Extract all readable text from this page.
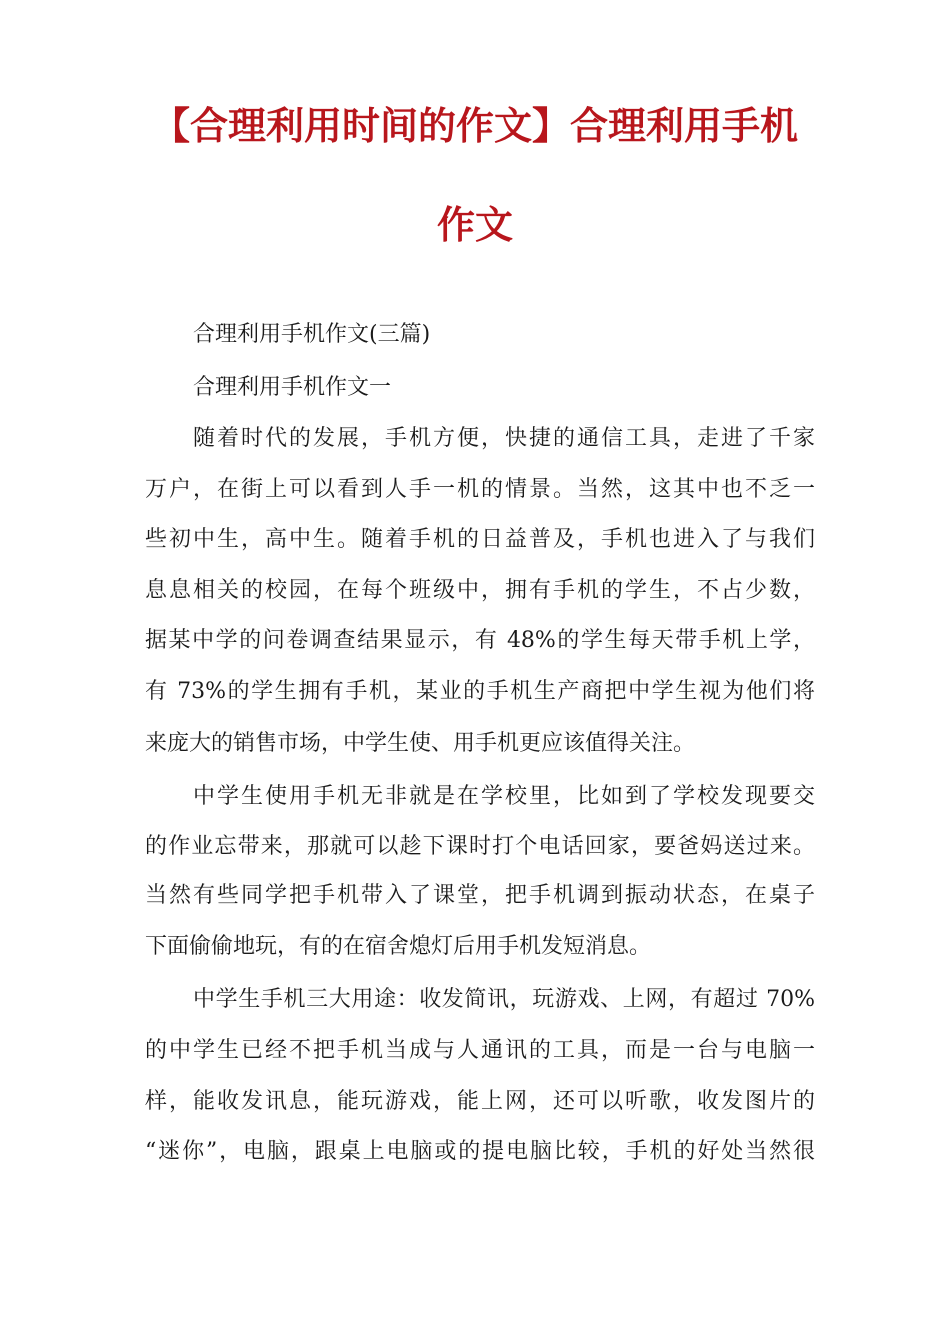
【合理利用时间的作文】合理利用手机
作文

合理利用手机作文(三篇)

合理利用手机作文一

随着时代的发展，手机方便，快捷的通信工具，走进了千家

万户，在街上可以看到人手一机的情景。当然，这其中也不乏一

些初中生，高中生。随着手机的日益普及，手机也进入了与我们

息息相关的校园，在每个班级中，拥有手机的学生，不占少数，

据某中学的问卷调查结果显示，有 48%的学生每天带手机上学，

有 73%的学生拥有手机，某业的手机生产商把中学生视为他们将

来庞大的销售市场，中学生使、用手机更应该值得关注。

中学生使用手机无非就是在学校里，比如到了学校发现要交

的作业忘带来，那就可以趁下课时打个电话回家，要爸妈送过来。

当然有些同学把手机带入了课堂，把手机调到振动状态，在桌子

下面偷偷地玩，有的在宿舍熄灯后用手机发短消息。

中学生手机三大用途：收发简讯，玩游戏、上网，有超过 70%

的中学生已经不把手机当成与人通讯的工具，而是一台与电脑一

样，能收发讯息，能玩游戏，能上网，还可以听歌，收发图片的

“迷你”，电脑，跟桌上电脑或的提电脑比较，手机的好处当然很
